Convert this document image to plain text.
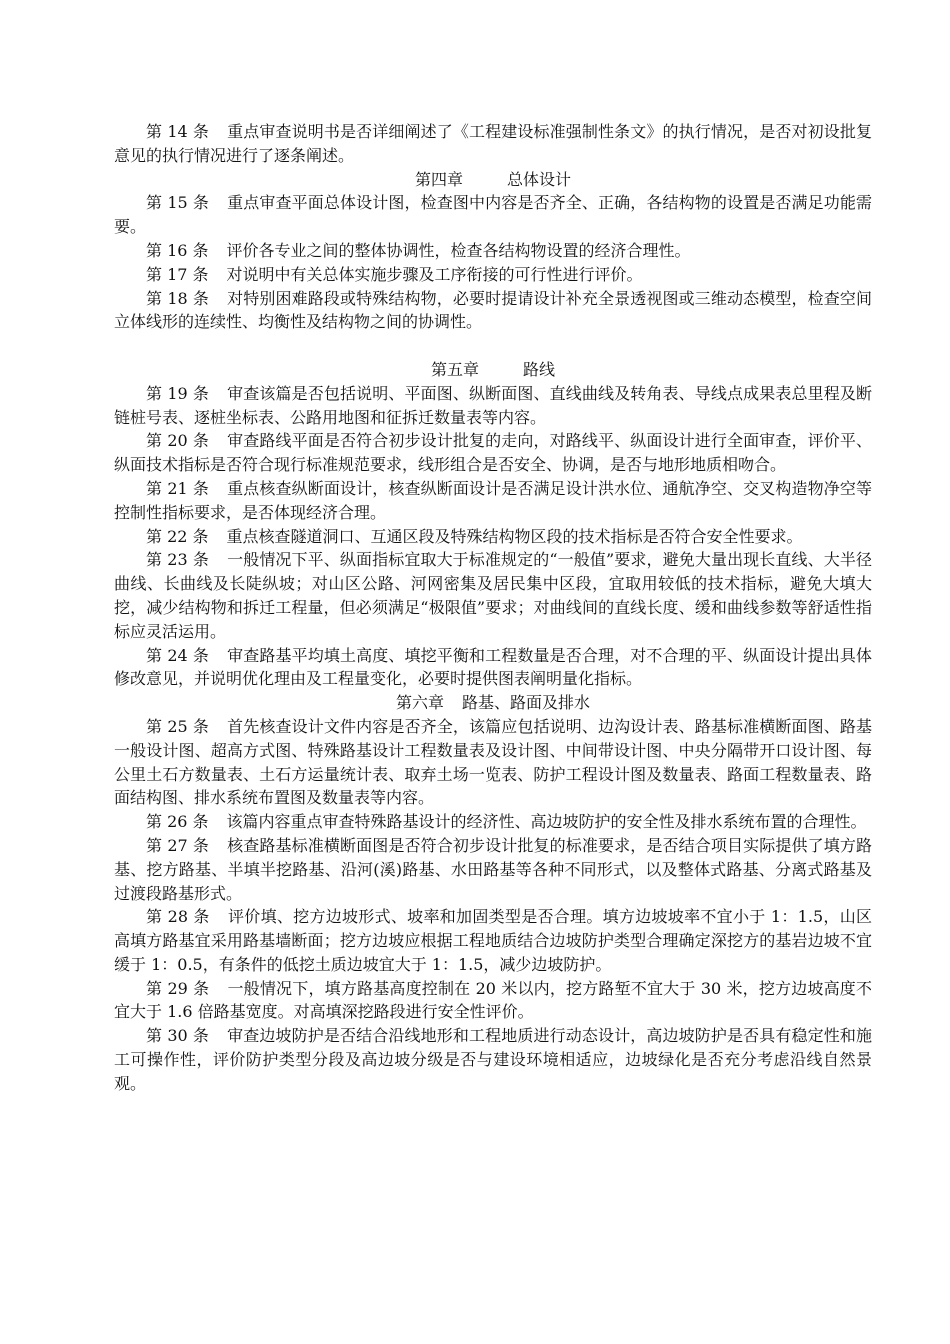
第 14 条 重点审查说明书是否详细阐述了《工程建设标准强制性条文》的执行情况，是否对初设批复意见的执行情况进行了逐条阐述。

第四章	总体设计

第 15 条 重点审查平面总体设计图，检查图中内容是否齐全、正确，各结构物的设置是否满足功能需要。

第 16 条 评价各专业之间的整体协调性，检查各结构物设置的经济合理性。

第 17 条 对说明中有关总体实施步骤及工序衔接的可行性进行评价。

第 18 条 对特别困难路段或特殊结构物，必要时提请设计补充全景透视图或三维动态模型，检查空间立体线形的连续性、均衡性及结构物之间的协调性。

第五章	路线

第 19 条 审查该篇是否包括说明、平面图、纵断面图、直线曲线及转角表、导线点成果表总里程及断链桩号表、逐桩坐标表、公路用地图和征拆迁数量表等内容。

第 20 条 审查路线平面是否符合初步设计批复的走向，对路线平、纵面设计进行全面审查，评价平、纵面技术指标是否符合现行标准规范要求，线形组合是否安全、协调，是否与地形地质相吻合。

第 21 条 重点核查纵断面设计，核查纵断面设计是否满足设计洪水位、通航净空、交叉构造物净空等控制性指标要求，是否体现经济合理。

第 22 条 重点核查隧道洞口、互通区段及特殊结构物区段的技术指标是否符合安全性要求。

第 23 条 一般情况下平、纵面指标宜取大于标准规定的“一般值”要求，避免大量出现长直线、大半径曲线、长曲线及长陡纵坡；对山区公路、河网密集及居民集中区段，宜取用较低的技术指标，避免大填大挖，减少结构物和拆迁工程量，但必须满足“极限值”要求；对曲线间的直线长度、缓和曲线参数等舒适性指标应灵活运用。

第 24 条 审查路基平均填土高度、填挖平衡和工程数量是否合理，对不合理的平、纵面设计提出具体修改意见，并说明优化理由及工程量变化，必要时提供图表阐明量化指标。

第六章 路基、路面及排水

第 25 条 首先核查设计文件内容是否齐全，该篇应包括说明、边沟设计表、路基标准横断面图、路基一般设计图、超高方式图、特殊路基设计工程数量表及设计图、中间带设计图、中央分隔带开口设计图、每公里土石方数量表、土石方运量统计表、取弃土场一览表、防护工程设计图及数量表、路面工程数量表、路面结构图、排水系统布置图及数量表等内容。

第 26 条 该篇内容重点审查特殊路基设计的经济性、高边坡防护的安全性及排水系统布置的合理性。

第 27 条 核查路基标准横断面图是否符合初步设计批复的标准要求，是否结合项目实际提供了填方路基、挖方路基、半填半挖路基、沿河(溪)路基、水田路基等各种不同形式，以及整体式路基、分离式路基及过渡段路基形式。

第 28 条 评价填、挖方边坡形式、坡率和加固类型是否合理。填方边坡坡率不宜小于 1：1.5，山区高填方路基宜采用路基墙断面；挖方边坡应根据工程地质结合边坡防护类型合理确定深挖方的基岩边坡不宜缓于 1：0.5，有条件的低挖土质边坡宜大于 1：1.5，减少边坡防护。

第 29 条 一般情况下，填方路基高度控制在 20 米以内，挖方路堑不宜大于 30 米，挖方边坡高度不宜大于 1.6 倍路基宽度。对高填深挖路段进行安全性评价。

第 30 条 审查边坡防护是否结合沿线地形和工程地质进行动态设计，高边坡防护是否具有稳定性和施工可操作性，评价防护类型分段及高边坡分级是否与建设环境相适应，边坡绿化是否充分考虑沿线自然景观。
